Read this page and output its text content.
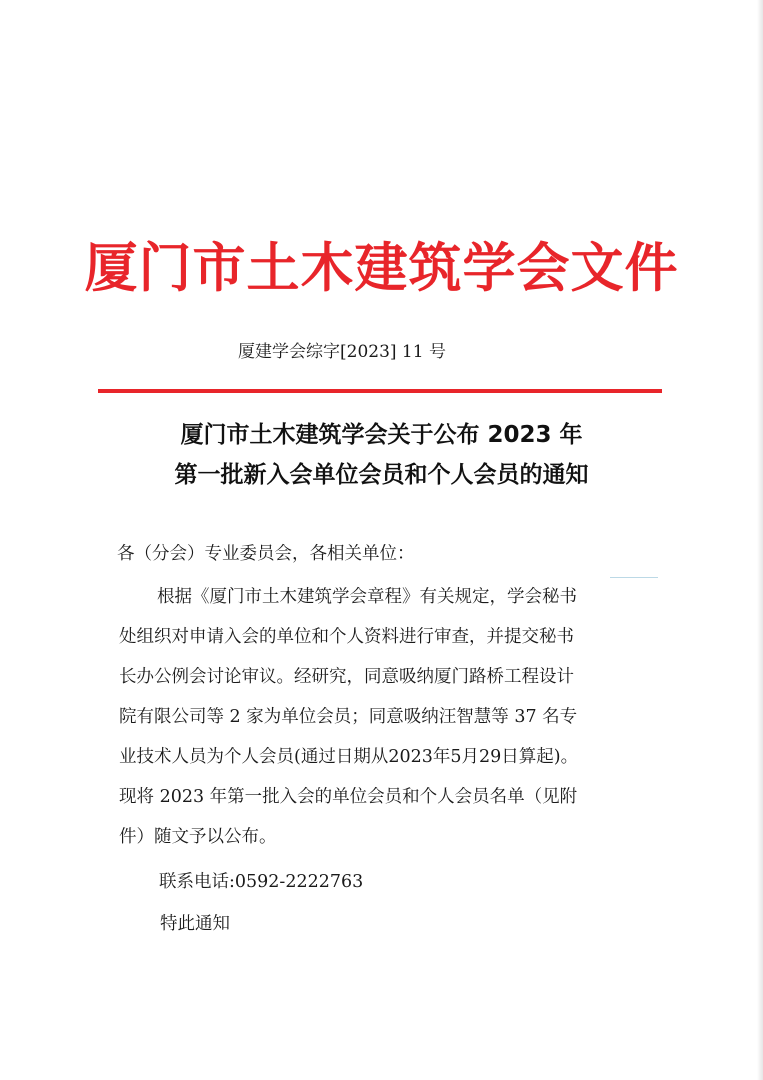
厦门市土木建筑学会文件
厦建学会综字[2023] 11 号
厦门市土木建筑学会关于公布 2023 年
第一批新入会单位会员和个人会员的通知
各（分会）专业委员会，各相关单位：
根据《厦门市土木建筑学会章程》有关规定，学会秘书
处组织对申请入会的单位和个人资料进行审查，并提交秘书
长办公例会讨论审议。经研究，同意吸纳厦门路桥工程设计
院有限公司等 2 家为单位会员；同意吸纳汪智慧等 37 名专
业技术人员为个人会员(通过日期从2023年5月29日算起)。
现将 2023 年第一批入会的单位会员和个人会员名单（见附
件）随文予以公布。
联系电话:0592-2222763
特此通知
